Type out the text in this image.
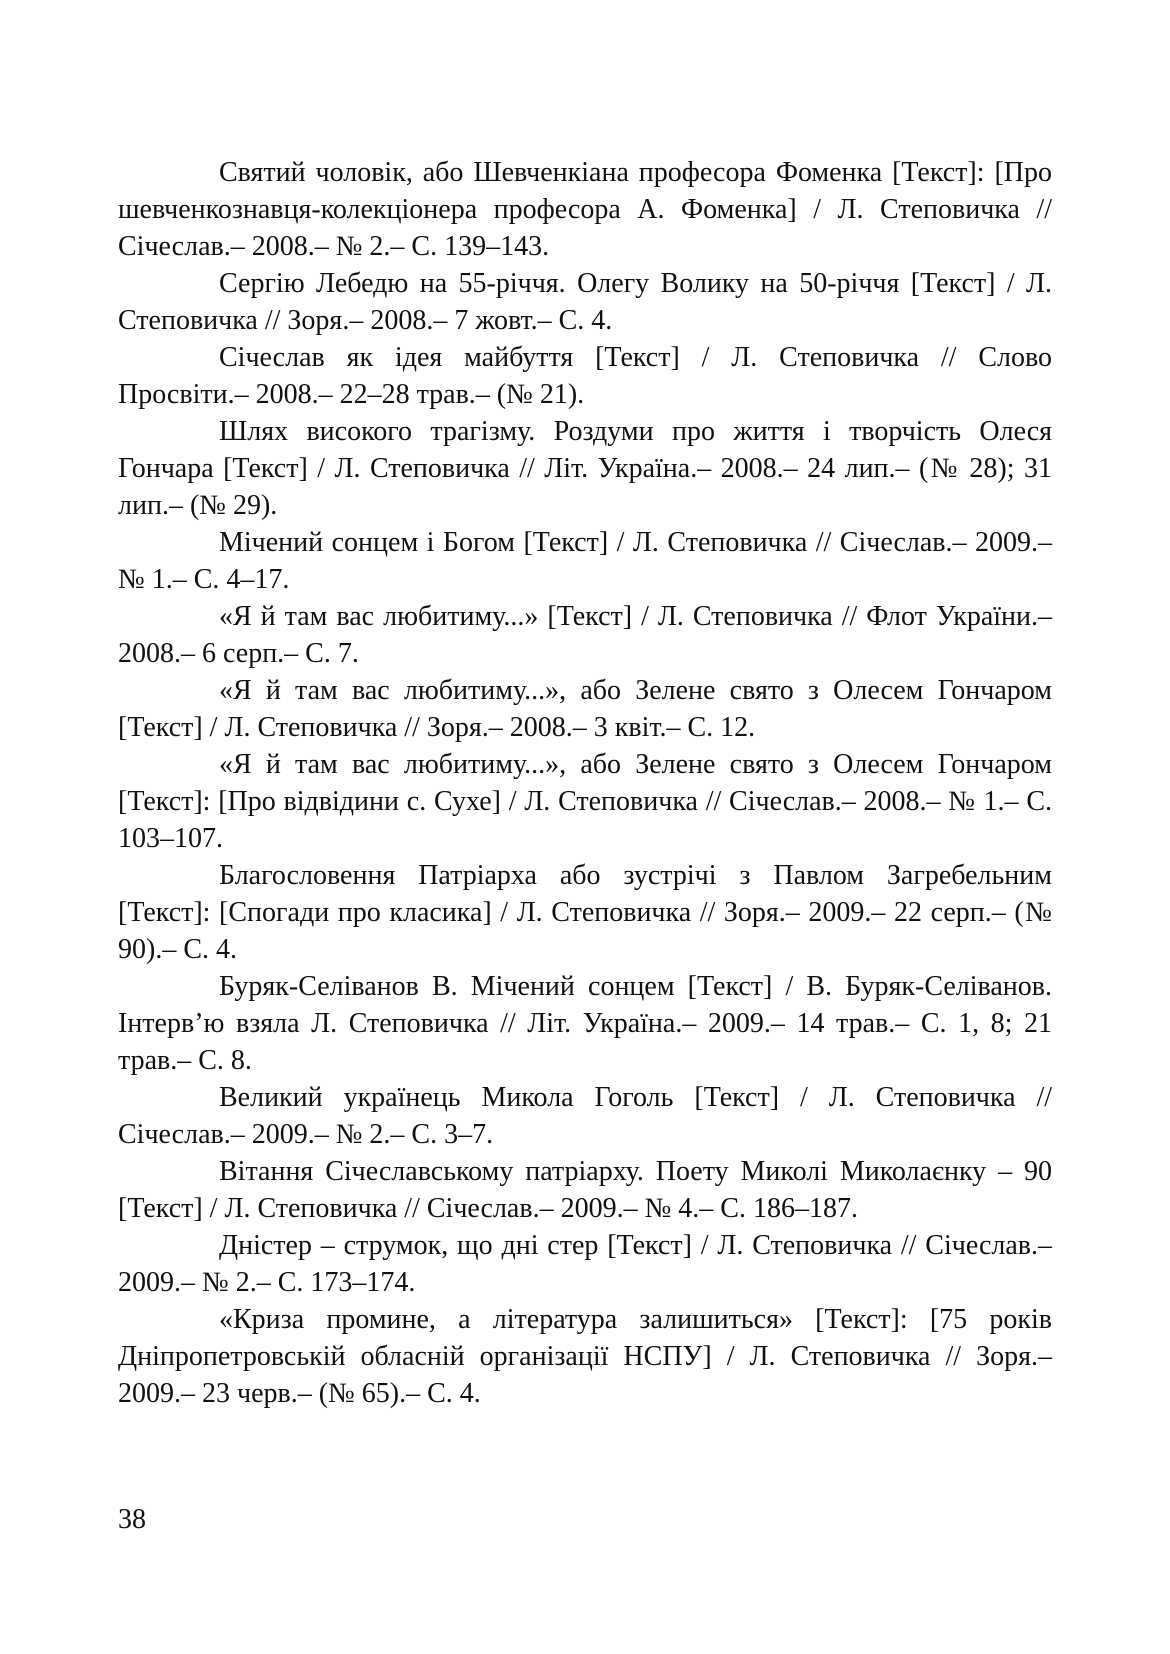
Святий чоловік, або Шевченкіана професора Фоменка [Текст]: [Про шевченкознавця-колекціонера професора А. Фоменка] / Л. Степовичка // Січеслав.– 2008.– № 2.– С. 139–143.

Сергію Лебедю на 55-річчя. Олегу Волику на 50-річчя [Текст] / Л. Степовичка // Зоря.– 2008.– 7 жовт.– С. 4.

Січеслав як ідея майбуття [Текст] / Л. Степовичка // Слово Просвіти.– 2008.– 22–28 трав.– (№ 21).

Шлях високого трагізму. Роздуми про життя і творчість Олеся Гончара [Текст] / Л. Степовичка // Літ. Україна.– 2008.– 24 лип.– (№ 28); 31 лип.– (№ 29).

Мічений сонцем і Богом [Текст] / Л. Степовичка // Січеслав.– 2009.– № 1.– С. 4–17.

«Я й там вас любитиму...» [Текст] / Л. Степовичка // Флот України.– 2008.– 6 серп.– С. 7.

«Я й там вас любитиму...», або Зелене свято з Олесем Гончаром [Текст] / Л. Степовичка // Зоря.– 2008.– 3 квіт.– С. 12.

«Я й там вас любитиму...», або Зелене свято з Олесем Гончаром [Текст]: [Про відвідини с. Сухе] / Л. Степовичка // Січеслав.– 2008.– № 1.– С. 103–107.

Благословення Патріарха або зустрічі з Павлом Загребельним [Текст]: [Спогади про класика] / Л. Степовичка // Зоря.– 2009.– 22 серп.– (№ 90).– С. 4.

Буряк-Селіванов В. Мічений сонцем [Текст] / В. Буряк-Селіванов. Інтерв’ю взяла Л. Степовичка // Літ. Україна.– 2009.– 14 трав.– С. 1, 8; 21 трав.– С. 8.

Великий українець Микола Гоголь [Текст] / Л. Степовичка // Січеслав.– 2009.– № 2.– С. 3–7.

Вітання Січеславському патріарху. Поету Миколі Миколаєнку – 90 [Текст] / Л. Степовичка // Січеслав.– 2009.– № 4.– С. 186–187.

Дністер – струмок, що дні стер [Текст] / Л. Степовичка // Січеслав.– 2009.– № 2.– С. 173–174.

«Криза промине, а література залишиться» [Текст]: [75 років Дніпропетровській обласній організації НСПУ] / Л. Степовичка // Зоря.– 2009.– 23 черв.– (№ 65).– С. 4.

38
